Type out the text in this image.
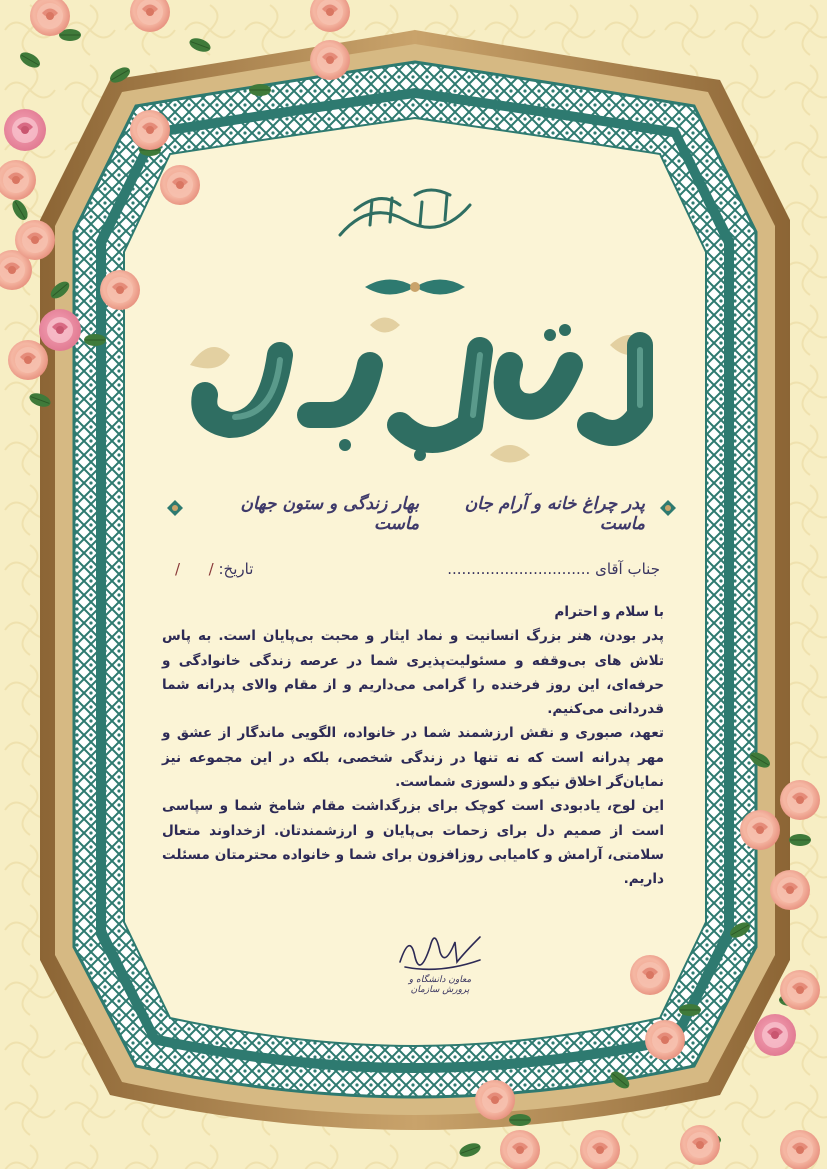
روز پدر مبارک
پدر چراغ خانه و آرام جان ماست
بهار زندگی و ستون جهان ماست
جناب آقای ..............................
تاریخ: /      /

با سلام و احترام

پدر بودن، هنر بزرگ انسانیت و نماد ایثار و محبت بی‌پایان است. به پاس تلاش های بی‌وقفه و مسئولیت‌پذیری شما در عرصه زندگی خانوادگی و حرفه‌ای، این روز فرخنده را گرامی می‌داریم و از مقام والای پدرانه شما قدردانی می‌کنیم.

تعهد، صبوری و نقش ارزشمند شما در خانواده، الگویی ماندگار از عشق و مهر پدرانه است که نه تنها در زندگی شخصی، بلکه در این مجموعه نیز نمایان‌گر اخلاق نیکو و دلسوزی شماست.

این لوح، یادبودی است کوچک برای بزرگداشت مقام شامخ شما و سپاسی است از صمیم دل برای زحمات بی‌پایان و ارزشمندتان. ازخداوند متعال سلامتی، آرامش و کامیابی روزافزون برای شما و خانواده محترمتان مسئلت داریم.

معاون دانشگاه و پرورش سازمان
